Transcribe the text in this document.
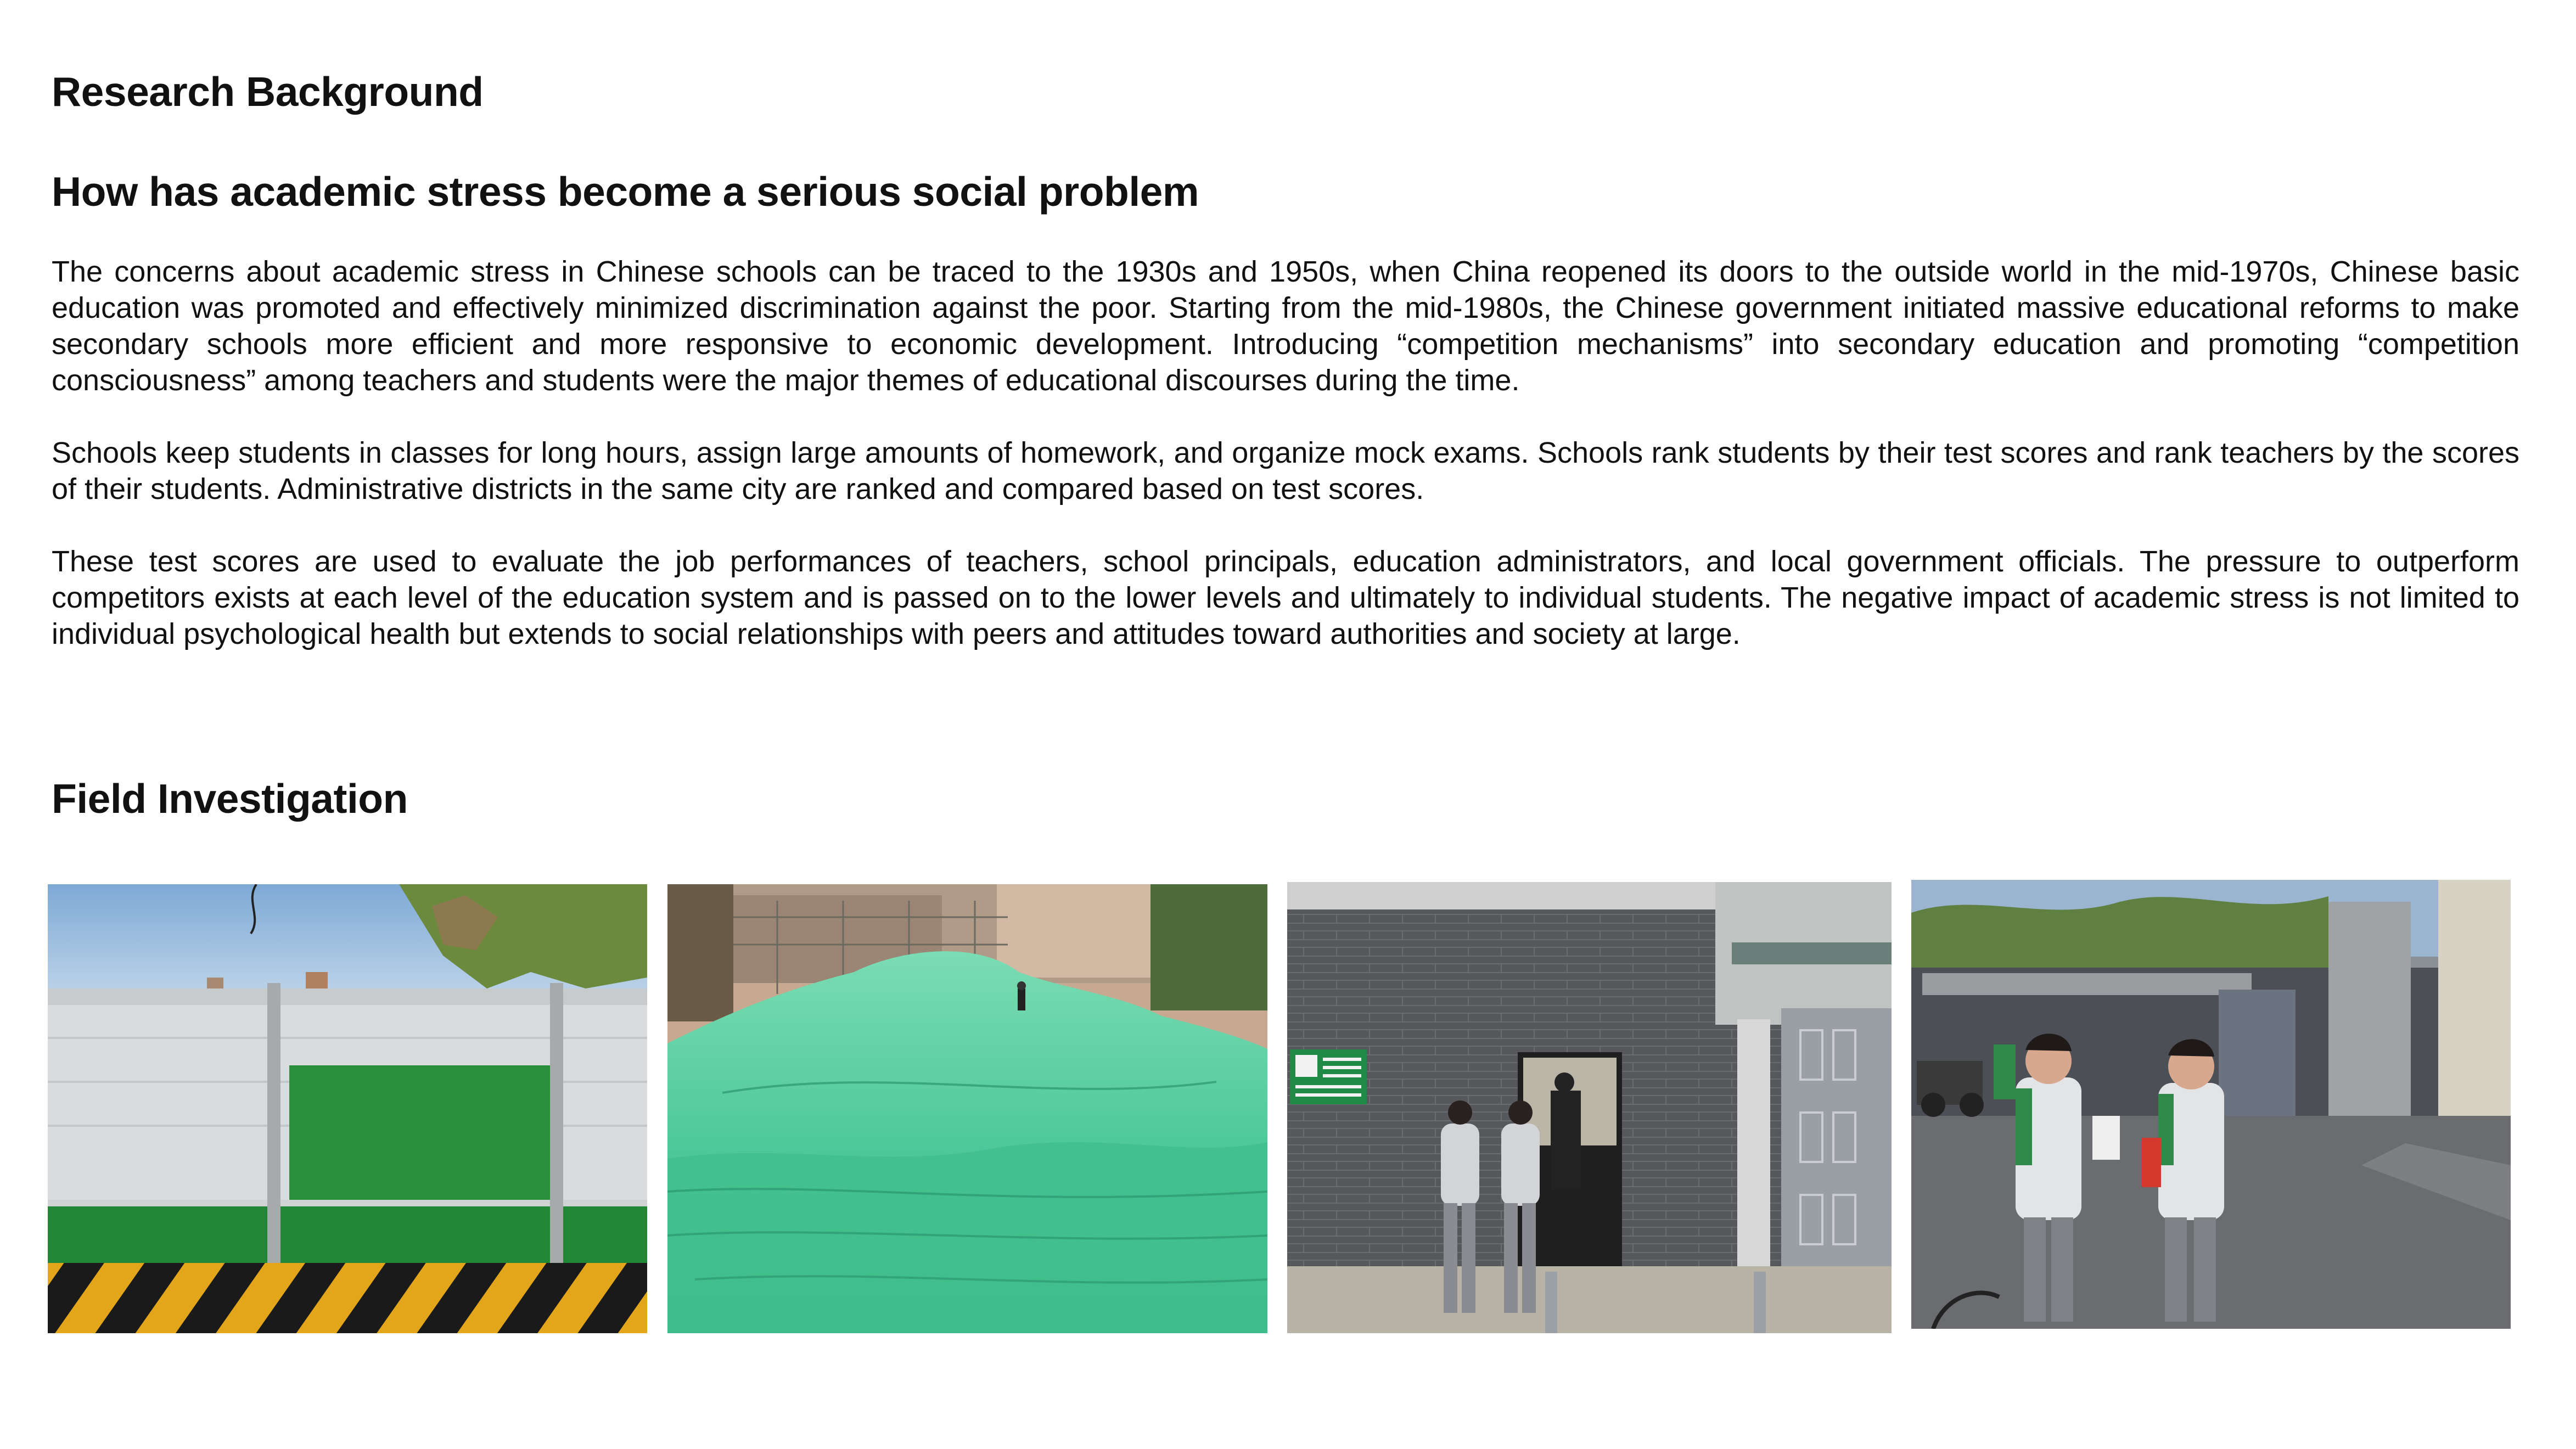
Research Background
How has academic stress become a serious social problem

The concerns about academic stress in Chinese schools can be traced to the 1930s and 1950s, when China reopened its doors to the outside world in the mid-1970s, Chinese basic education was promoted and effectively minimized discrimination against the poor. Starting from the mid-1980s, the Chinese government initiated massive educational reforms to make secondary schools more efficient and more responsive to economic development. Introducing “competition mechanisms” into secondary education and promoting “competition consciousness” among teachers and students were the major themes of educational discourses during the time.

Schools keep students in classes for long hours, assign large amounts of homework, and organize mock exams. Schools rank students by their test scores and rank teachers by the scores of their students. Administrative districts in the same city are ranked and compared based on test scores.

These test scores are used to evaluate the job performances of teachers, school principals, education administrators, and local government officials. The pressure to outperform competitors exists at each level of the education system and is passed on to the lower levels and ultimately to individual students. The negative impact of academic stress is not limited to individual psychological health but extends to social relationships with peers and attitudes toward authorities and society at large.

Field Investigation
